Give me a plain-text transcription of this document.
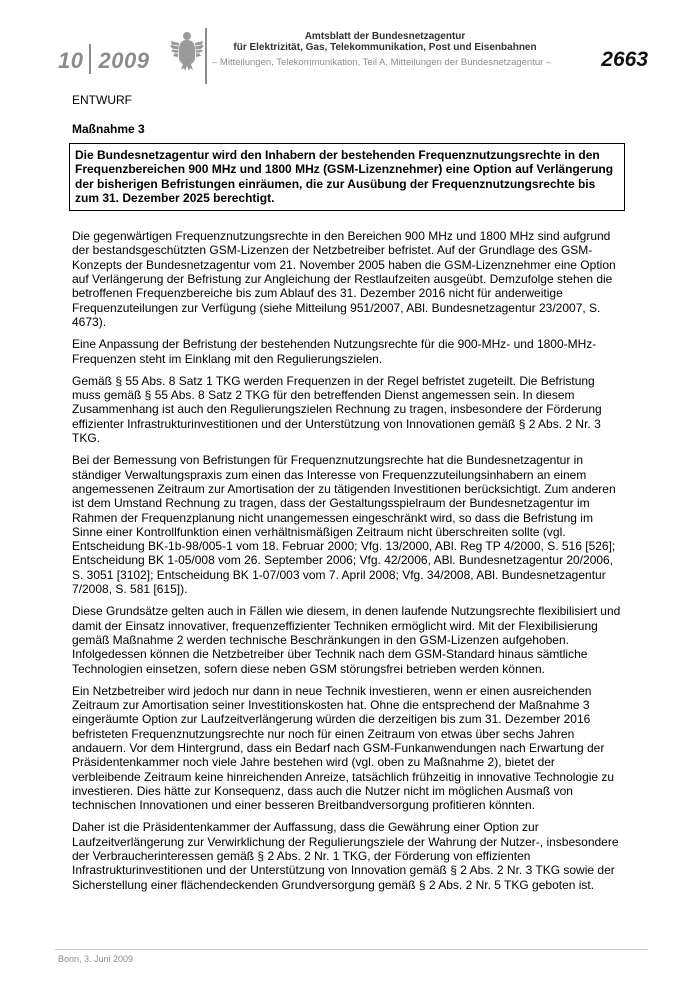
10 2009
Amtsblatt der Bundesnetzagentur
für Elektrizität, Gas, Telekommunikation, Post und Eisenbahnen
– Mitteilungen, Telekommunikation, Teil A, Mitteilungen der Bundesnetzagentur – 2663
ENTWURF
Maßnahme 3
Die Bundesnetzagentur wird den Inhabern der bestehenden Frequenznutzungsrechte in den Frequenzbereichen 900 MHz und 1800 MHz (GSM-Lizenznehmer) eine Option auf Verlängerung der bisherigen Befristungen einräumen, die zur Ausübung der Frequenznutzungsrechte bis zum 31. Dezember 2025 berechtigt.

Die gegenwärtigen Frequenznutzungsrechte in den Bereichen 900 MHz und 1800 MHz sind aufgrund der bestandsgeschützten GSM-Lizenzen der Netzbetreiber befristet. Auf der Grundlage des GSM-Konzepts der Bundesnetzagentur vom 21. November 2005 haben die GSM-Lizenznehmer eine Option auf Verlängerung der Befristung zur Angleichung der Restlaufzeiten ausgeübt. Demzufolge stehen die betroffenen Frequenzbereiche bis zum Ablauf des 31. Dezember 2016 nicht für anderweitige Frequenzuteilungen zur Verfügung (siehe Mitteilung 951/2007, ABl. Bundesnetzagentur 23/2007, S. 4673).

Eine Anpassung der Befristung der bestehenden Nutzungsrechte für die 900-MHz- und 1800-MHz-Frequenzen steht im Einklang mit den Regulierungszielen.

Gemäß § 55 Abs. 8 Satz 1 TKG werden Frequenzen in der Regel befristet zugeteilt. Die Befristung muss gemäß § 55 Abs. 8 Satz 2 TKG für den betreffenden Dienst angemessen sein. In diesem Zusammenhang ist auch den Regulierungszielen Rechnung zu tragen, insbesondere der Förderung effizienter Infrastrukturinvestitionen und der Unterstützung von Innovationen gemäß § 2 Abs. 2 Nr. 3 TKG.

Bei der Bemessung von Befristungen für Frequenznutzungsrechte hat die Bundesnetzagentur in ständiger Verwaltungspraxis zum einen das Interesse von Frequenzzuteilungsinhabern an einem angemessenen Zeitraum zur Amortisation der zu tätigenden Investitionen berücksichtigt. Zum anderen ist dem Umstand Rechnung zu tragen, dass der Gestaltungsspielraum der Bundesnetzagentur im Rahmen der Frequenzplanung nicht unangemessen eingeschränkt wird, so dass die Befristung im Sinne einer Kontrollfunktion einen verhältnismäßigen Zeitraum nicht überschreiten sollte (vgl. Entscheidung BK-1b-98/005-1 vom 18. Februar 2000; Vfg. 13/2000, ABl. Reg TP 4/2000, S. 516 [526]; Entscheidung BK 1-05/008 vom 26. September 2006; Vfg. 42/2006, ABl. Bundesnetzagentur 20/2006, S. 3051 [3102]; Entscheidung BK 1-07/003 vom 7. April 2008; Vfg. 34/2008, ABl. Bundesnetzagentur 7/2008, S. 581 [615]).

Diese Grundsätze gelten auch in Fällen wie diesem, in denen laufende Nutzungsrechte flexibilisiert und damit der Einsatz innovativer, frequenzeffizienter Techniken ermöglicht wird. Mit der Flexibilisierung gemäß Maßnahme 2 werden technische Beschränkungen in den GSM-Lizenzen aufgehoben. Infolgedessen können die Netzbetreiber über Technik nach dem GSM-Standard hinaus sämtliche Technologien einsetzen, sofern diese neben GSM störungsfrei betrieben werden können.

Ein Netzbetreiber wird jedoch nur dann in neue Technik investieren, wenn er einen ausreichenden Zeitraum zur Amortisation seiner Investitionskosten hat. Ohne die entsprechend der Maßnahme 3 eingeräumte Option zur Laufzeitverlängerung würden die derzeitigen bis zum 31. Dezember 2016 befristeten Frequenznutzungsrechte nur noch für einen Zeitraum von etwas über sechs Jahren andauern. Vor dem Hintergrund, dass ein Bedarf nach GSM-Funkanwendungen nach Erwartung der Präsidentenkammer noch viele Jahre bestehen wird (vgl. oben zu Maßnahme 2), bietet der verbleibende Zeitraum keine hinreichenden Anreize, tatsächlich frühzeitig in innovative Technologie zu investieren. Dies hätte zur Konsequenz, dass auch die Nutzer nicht im möglichen Ausmaß von technischen Innovationen und einer besseren Breitbandversorgung profitieren könnten.

Daher ist die Präsidentenkammer der Auffassung, dass die Gewährung einer Option zur Laufzeitverlängerung zur Verwirklichung der Regulierungsziele der Wahrung der Nutzer-, insbesondere der Verbraucherinteressen gemäß § 2 Abs. 2 Nr. 1 TKG, der Förderung von effizienten Infrastrukturinvestitionen und der Unterstützung von Innovation gemäß § 2 Abs. 2 Nr. 3 TKG sowie der Sicherstellung einer flächendeckenden Grundversorgung gemäß § 2 Abs. 2 Nr. 5 TKG geboten ist.

Bonn, 3. Juni 2009
